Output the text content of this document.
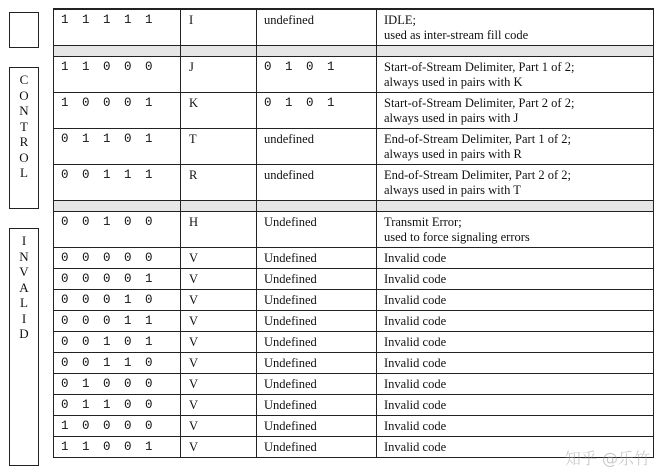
C
O
N
T
R
O
L
I
N
V
A
L
I
D

1 1 1 1 1	I	undefined	IDLE;
used as inter-stream fill code

1 1 0 0 0	J	0 1 0 1	Start-of-Stream Delimiter, Part 1 of 2;
always used in pairs with K

1 0 0 0 1	K	0 1 0 1	Start-of-Stream Delimiter, Part 2 of 2;
always used in pairs with J

0 1 1 0 1	T	undefined	End-of-Stream Delimiter, Part 1 of 2;
always used in pairs with R

0 0 1 1 1	R	undefined	End-of-Stream Delimiter, Part 2 of 2;
always used in pairs with T

0 0 1 0 0	H	Undefined	Transmit Error;
used to force signaling errors

0 0 0 0 0	V	Undefined	Invalid code

0 0 0 0 1	V	Undefined	Invalid code

0 0 0 1 0	V	Undefined	Invalid code

0 0 0 1 1	V	Undefined	Invalid code

0 0 1 0 1	V	Undefined	Invalid code

0 0 1 1 0	V	Undefined	Invalid code

0 1 0 0 0	V	Undefined	Invalid code

0 1 1 0 0	V	Undefined	Invalid code

1 0 0 0 0	V	Undefined	Invalid code

1 1 0 0 1	V	Undefined	Invalid code
知乎 @乐竹
